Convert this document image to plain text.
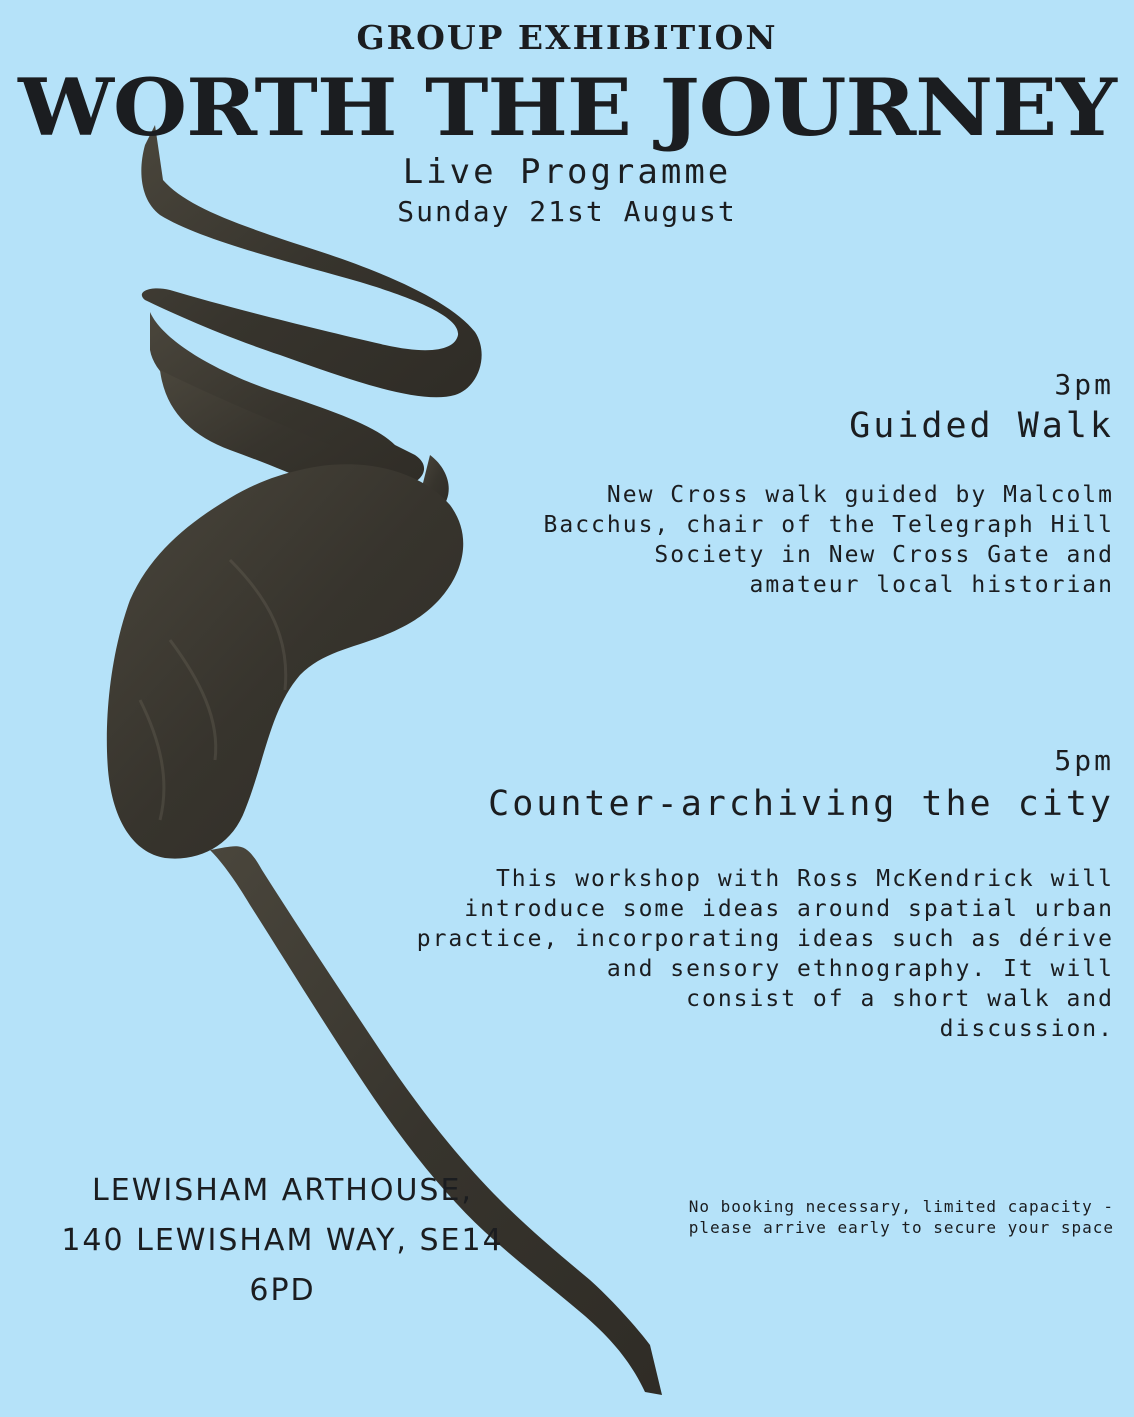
GROUP EXHIBITION
WORTH THE JOURNEY
Live Programme
Sunday 21st August
3pm
Guided Walk
New Cross walk guided by Malcolm
Bacchus, chair of the Telegraph Hill
Society in New Cross Gate and
amateur local historian
5pm
Counter-archiving the city
This workshop with Ross McKendrick will
introduce some ideas around spatial urban
practice, incorporating ideas such as dérive
and sensory ethnography. It will
consist of a short walk and
discussion.
LEWISHAM ARTHOUSE,
140 LEWISHAM WAY, SE14
6PD
No booking necessary, limited capacity -
please arrive early to secure your space
